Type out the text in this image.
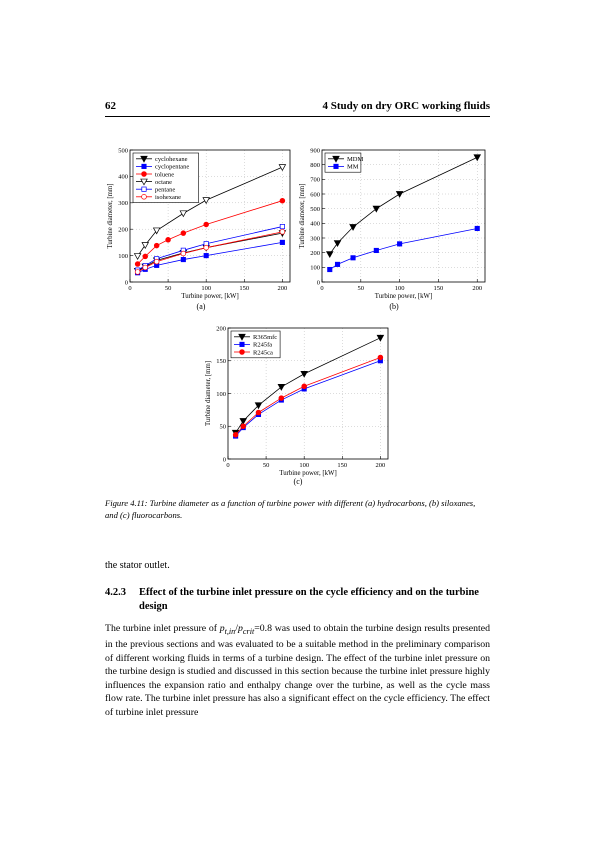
62	4 Study on dry ORC working fluids
0	50	100	150	200
0
100
200
300
400
500
Turbine power, [kW]
Turbine diameter, [mm]
cyclohexane
cyclopentane
toluene
octane
pentane
isohexane
(a)
0	50	100	150	200
0
100
200
300
400
500
600
700
800
900
Turbine power, [kW]
Turbine diameter, [mm]
MDM
MM
(b)
0	50	100	150	200
0
50
100
150
200
Turbine power, [kW]
Turbine diameter, [mm]
R365mfc
R245fa
R245ca
(c)
Figure 4.11: Turbine diameter as a function of turbine power with different (a) hydrocarbons, (b) siloxanes, and (c) fluorocarbons.
the stator outlet.
4.2.3	Effect of the turbine inlet pressure on the cycle efficiency and on the turbine design
The turbine inlet pressure of $p_{t,in}/p_{crit}=0.8$ was used to obtain the turbine design results presented in the previous sections and was evaluated to be a suitable method in the preliminary comparison of different working fluids in terms of a turbine design. The effect of the turbine inlet pressure on the turbine design is studied and discussed in this section because the turbine inlet pressure highly influences the expansion ratio and enthalpy change over the turbine, as well as the cycle mass flow rate. The turbine inlet pressure has also a significant effect on the cycle efficiency. The effect of turbine inlet pressure
